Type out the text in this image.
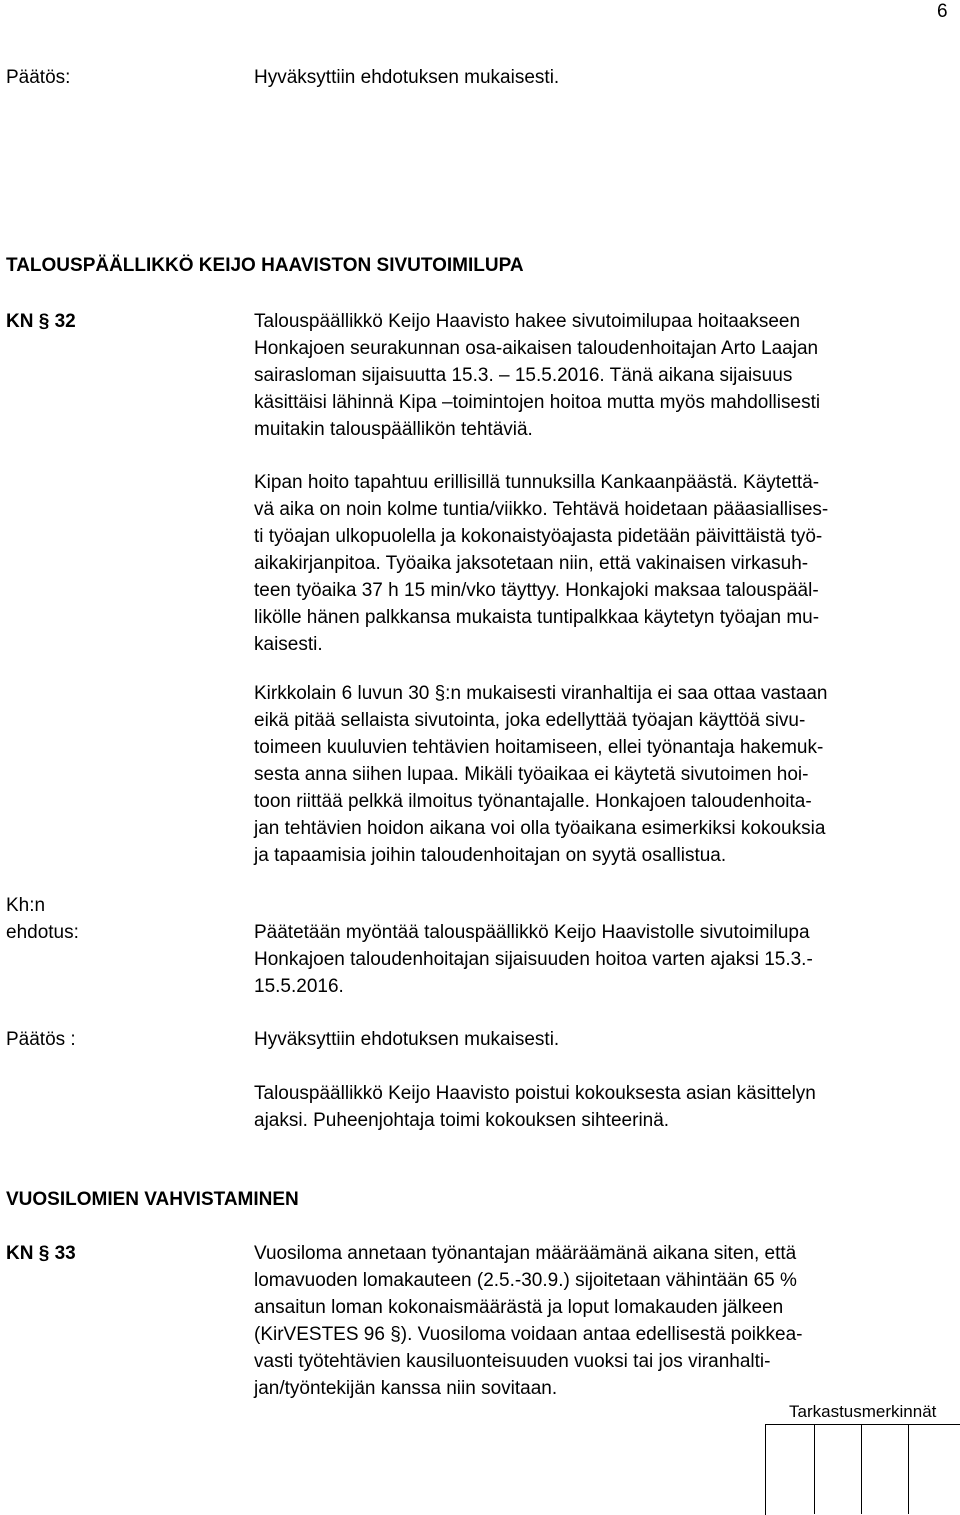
6
Päätös:	Hyväksyttiin ehdotuksen mukaisesti.
TALOUSPÄÄLLIKKÖ KEIJO HAAVISTON SIVUTOIMILUPA
KN § 32	Talouspäällikkö Keijo Haavisto hakee sivutoimilupaa hoitaakseen
Honkajoen seurakunnan osa-aikaisen taloudenhoitajan Arto Laajan
sairasloman sijaisuutta 15.3. – 15.5.2016. Tänä aikana sijaisuus
käsittäisi lähinnä Kipa –toimintojen hoitoa mutta myös mahdollisesti
muitakin talouspäällikön tehtäviä.
Kipan hoito tapahtuu erillisillä tunnuksilla Kankaanpäästä. Käytettä-
vä aika on noin kolme tuntia/viikko. Tehtävä hoidetaan pääasiallises-
ti työajan ulkopuolella ja kokonaistyöajasta pidetään päivittäistä työ-
aikakirjanpitoa. Työaika jaksotetaan niin, että vakinaisen virkasuh-
teen työaika 37 h 15 min/vko täyttyy. Honkajoki maksaa talouspääl-
likölle hänen palkkansa mukaista tuntipalkkaa käytetyn työajan mu-
kaisesti.
Kirkkolain 6 luvun 30 §:n mukaisesti viranhaltija ei saa ottaa vastaan
eikä pitää sellaista sivutointa, joka edellyttää työajan käyttöä sivu-
toimeen kuuluvien tehtävien hoitamiseen, ellei työnantaja hakemuk-
sesta anna siihen lupaa. Mikäli työaikaa ei käytetä sivutoimen hoi-
toon riittää pelkkä ilmoitus työnantajalle. Honkajoen taloudenhoita-
jan tehtävien hoidon aikana voi olla työaikana esimerkiksi kokouksia
ja tapaamisia joihin taloudenhoitajan on syytä osallistua.
Kh:n
ehdotus:	Päätetään myöntää talouspäällikkö Keijo Haavistolle sivutoimilupa
Honkajoen taloudenhoitajan sijaisuuden hoitoa varten ajaksi 15.3.-
15.5.2016.
Päätös :	Hyväksyttiin ehdotuksen mukaisesti.
Talouspäällikkö Keijo Haavisto poistui kokouksesta asian käsittelyn
ajaksi. Puheenjohtaja toimi kokouksen sihteerinä.
VUOSILOMIEN VAHVISTAMINEN
KN § 33	Vuosiloma annetaan työnantajan määräämänä aikana siten, että
lomavuoden lomakauteen (2.5.-30.9.) sijoitetaan vähintään 65 %
ansaitun loman kokonaismäärästä ja loput lomakauden jälkeen
(KirVESTES 96 §). Vuosiloma voidaan antaa edellisestä poikkea-
vasti työtehtävien kausiluonteisuuden vuoksi tai jos viranhalti-
jan/työntekijän kanssa niin sovitaan.
Tarkastusmerkinnät
